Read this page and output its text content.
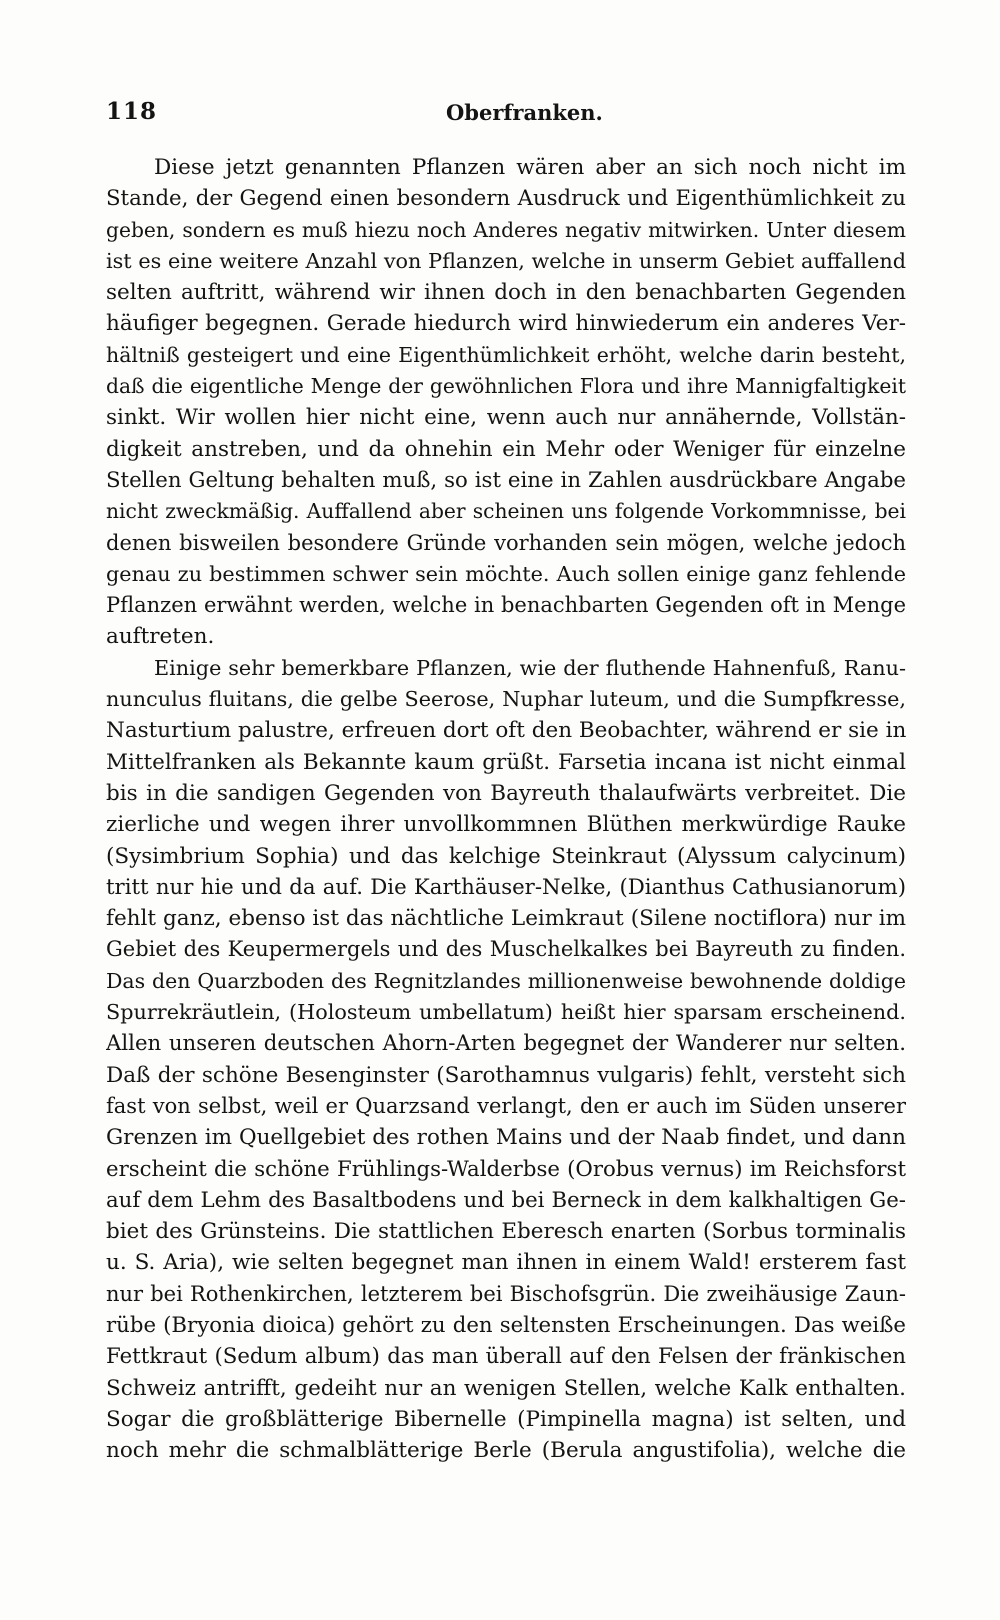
118	Oberfranken.
Diese jetzt genannten Pflanzen wären aber an sich noch nicht im
Stande, der Gegend einen besondern Ausdruck und Eigenthümlichkeit zu
geben, sondern es muß hiezu noch Anderes negativ mitwirken. Unter diesem
ist es eine weitere Anzahl von Pflanzen, welche in unserm Gebiet auffallend
selten auftritt, während wir ihnen doch in den benachbarten Gegenden
häufiger begegnen. Gerade hiedurch wird hinwiederum ein anderes Ver-
hältniß gesteigert und eine Eigenthümlichkeit erhöht, welche darin besteht,
daß die eigentliche Menge der gewöhnlichen Flora und ihre Mannigfaltigkeit
sinkt. Wir wollen hier nicht eine, wenn auch nur annähernde, Vollstän-
digkeit anstreben, und da ohnehin ein Mehr oder Weniger für einzelne
Stellen Geltung behalten muß, so ist eine in Zahlen ausdrückbare Angabe
nicht zweckmäßig. Auffallend aber scheinen uns folgende Vorkommnisse, bei
denen bisweilen besondere Gründe vorhanden sein mögen, welche jedoch
genau zu bestimmen schwer sein möchte. Auch sollen einige ganz fehlende
Pflanzen erwähnt werden, welche in benachbarten Gegenden oft in Menge
auftreten.
Einige sehr bemerkbare Pflanzen, wie der fluthende Hahnenfuß, Ranu-
nunculus fluitans, die gelbe Seerose, Nuphar luteum, und die Sumpfkresse,
Nasturtium palustre, erfreuen dort oft den Beobachter, während er sie in
Mittelfranken als Bekannte kaum grüßt. Farsetia incana ist nicht einmal
bis in die sandigen Gegenden von Bayreuth thalaufwärts verbreitet. Die
zierliche und wegen ihrer unvollkommnen Blüthen merkwürdige Rauke
(Sysimbrium Sophia) und das kelchige Steinkraut (Alyssum calycinum)
tritt nur hie und da auf. Die Karthäuser-Nelke, (Dianthus Cathusianorum)
fehlt ganz, ebenso ist das nächtliche Leimkraut (Silene noctiflora) nur im
Gebiet des Keupermergels und des Muschelkalkes bei Bayreuth zu finden.
Das den Quarzboden des Regnitzlandes millionenweise bewohnende doldige
Spurrekräutlein, (Holosteum umbellatum) heißt hier sparsam erscheinend.
Allen unseren deutschen Ahorn-Arten begegnet der Wanderer nur selten.
Daß der schöne Besenginster (Sarothamnus vulgaris) fehlt, versteht sich
fast von selbst, weil er Quarzsand verlangt, den er auch im Süden unserer
Grenzen im Quellgebiet des rothen Mains und der Naab findet, und dann
erscheint die schöne Frühlings-Walderbse (Orobus vernus) im Reichsforst
auf dem Lehm des Basaltbodens und bei Berneck in dem kalkhaltigen Ge-
biet des Grünsteins. Die stattlichen Eberesch enarten (Sorbus torminalis
u. S. Aria), wie selten begegnet man ihnen in einem Wald! ersterem fast
nur bei Rothenkirchen, letzterem bei Bischofsgrün. Die zweihäusige Zaun-
rübe (Bryonia dioica) gehört zu den seltensten Erscheinungen. Das weiße
Fettkraut (Sedum album) das man überall auf den Felsen der fränkischen
Schweiz antrifft, gedeiht nur an wenigen Stellen, welche Kalk enthalten.
Sogar die großblätterige Bibernelle (Pimpinella magna) ist selten, und
noch mehr die schmalblätterige Berle (Berula angustifolia), welche die
